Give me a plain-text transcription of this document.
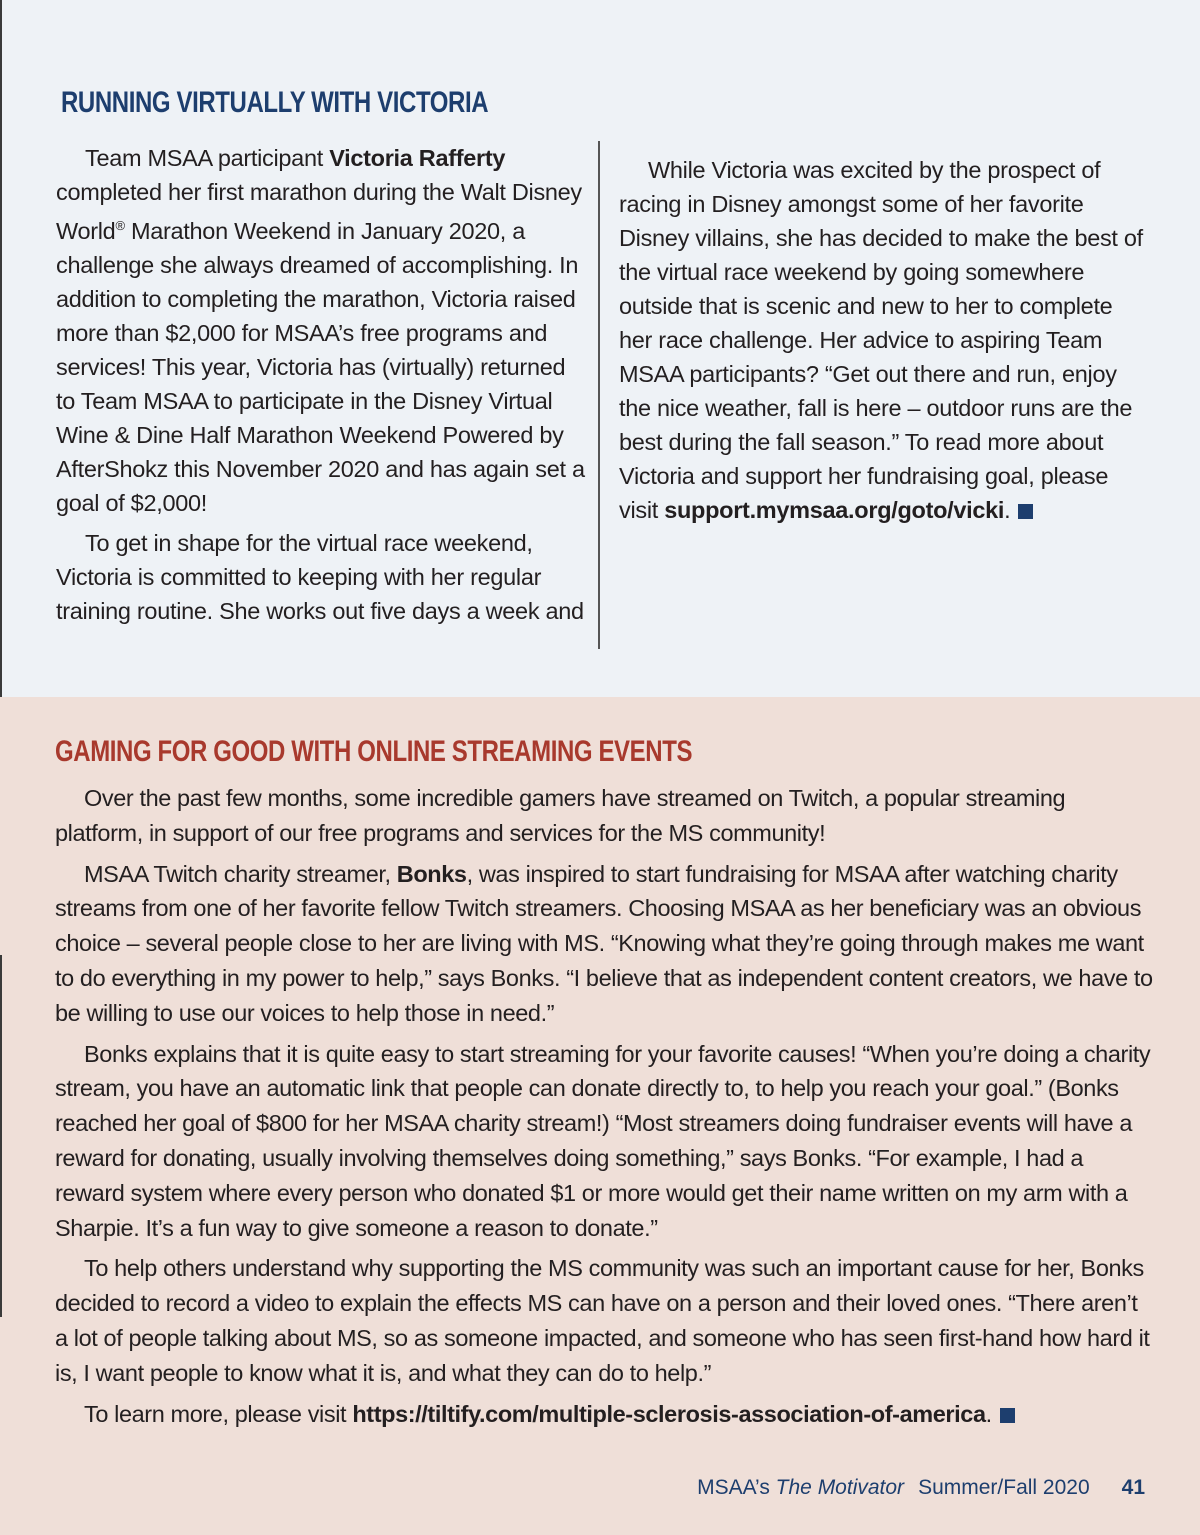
RUNNING VIRTUALLY WITH VICTORIA

Team MSAA participant Victoria Rafferty completed her first marathon during the Walt Disney World® Marathon Weekend in January 2020, a challenge she always dreamed of accomplishing. In addition to completing the marathon, Victoria raised more than $2,000 for MSAA’s free programs and services! This year, Victoria has (virtually) returned to Team MSAA to participate in the Disney Virtual Wine & Dine Half Marathon Weekend Powered by AfterShokz this November 2020 and has again set a goal of $2,000!

To get in shape for the virtual race weekend, Victoria is committed to keeping with her regular training routine. She works out five days a week and

While Victoria was excited by the prospect of racing in Disney amongst some of her favorite Disney villains, she has decided to make the best of the virtual race weekend by going somewhere outside that is scenic and new to her to complete her race challenge. Her advice to aspiring Team MSAA participants? “Get out there and run, enjoy the nice weather, fall is here – outdoor runs are the best during the fall season.” To read more about Victoria and support her fundraising goal, please visit support.mymsaa.org/goto/vicki.

GAMING FOR GOOD WITH ONLINE STREAMING EVENTS

Over the past few months, some incredible gamers have streamed on Twitch, a popular streaming platform, in support of our free programs and services for the MS community!

MSAA Twitch charity streamer, Bonks, was inspired to start fundraising for MSAA after watching charity streams from one of her favorite fellow Twitch streamers. Choosing MSAA as her beneficiary was an obvious choice – several people close to her are living with MS. “Knowing what they’re going through makes me want to do everything in my power to help,” says Bonks. “I believe that as independent content creators, we have to be willing to use our voices to help those in need.”

Bonks explains that it is quite easy to start streaming for your favorite causes! “When you’re doing a charity stream, you have an automatic link that people can donate directly to, to help you reach your goal.” (Bonks reached her goal of $800 for her MSAA charity stream!) “Most streamers doing fundraiser events will have a reward for donating, usually involving themselves doing something,” says Bonks. “For example, I had a reward system where every person who donated $1 or more would get their name written on my arm with a Sharpie. It’s a fun way to give someone a reason to donate.”

To help others understand why supporting the MS community was such an important cause for her, Bonks decided to record a video to explain the effects MS can have on a person and their loved ones. “There aren’t a lot of people talking about MS, so as someone impacted, and someone who has seen first-hand how hard it is, I want people to know what it is, and what they can do to help.”

To learn more, please visit https://tiltify.com/multiple-sclerosis-association-of-america.

MSAA’s The Motivator Summer/Fall 2020 41
